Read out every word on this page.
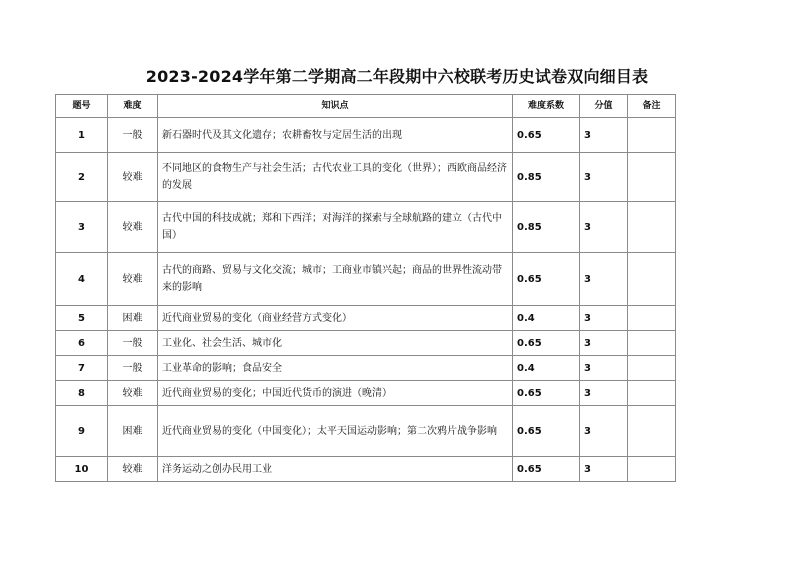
2023-2024学年第二学期高二年段期中六校联考历史试卷双向细目表
题号	难度	知识点	难度系数	分值	备注
1	一般	新石器时代及其文化遗存；农耕畜牧与定居生活的出现	0.65	3	
2	较难	不同地区的食物生产与社会生活；古代农业工具的变化（世界）；西欧商品经济的发展	0.85	3	
3	较难	古代中国的科技成就；郑和下西洋；对海洋的探索与全球航路的建立（古代中国）	0.85	3	
4	较难	古代的商路、贸易与文化交流；城市；工商业市镇兴起；商品的世界性流动带来的影响	0.65	3	
5	困难	近代商业贸易的变化（商业经营方式变化）	0.4	3	
6	一般	工业化、社会生活、城市化	0.65	3	
7	一般	工业革命的影响；食品安全	0.4	3	
8	较难	近代商业贸易的变化；中国近代货币的演进（晚清）	0.65	3	
9	困难	近代商业贸易的变化（中国变化）；太平天国运动影响；第二次鸦片战争影响	0.65	3	
10	较难	洋务运动之创办民用工业	0.65	3	
